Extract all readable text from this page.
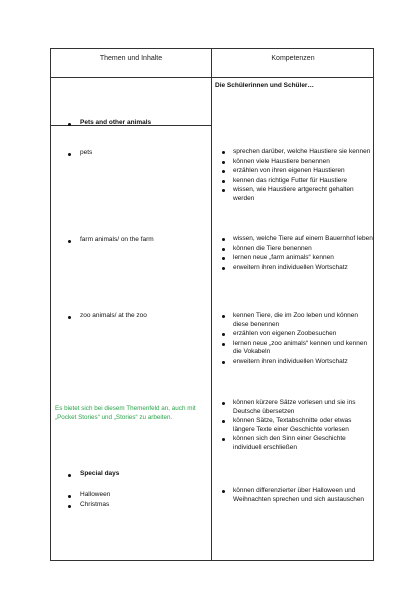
Themen und Inhalte	Kompetenzen
Die Schülerinnen und Schüler…
Pets and other animals
pets
farm animals/ on the farm
zoo animals/ at the zoo
Es bietet sich bei diesem Themenfeld an, auch mit „Pocket Stories“ und „Stories“ zu arbeiten.
Special days
Halloween
Christmas
sprechen darüber, welche Haustiere sie kennen
können viele Haustiere benennen
erzählen von ihren eigenen Haustieren
kennen das richtige Futter für Haustiere
wissen, wie Haustiere artgerecht gehalten werden
wissen, welche Tiere auf einem Bauernhof leben
können die Tiere benennen
lernen neue „farm animals“ kennen
erweitern ihren individuellen Wortschatz
kennen Tiere, die im Zoo leben und können diese benennen
erzählen von eigenen Zoobesuchen
lernen neue „zoo animals“ kennen und kennen die Vokabeln
erweitern ihren individuellen Wortschatz
können kürzere Sätze vorlesen und sie ins Deutsche übersetzen
können Sätze, Textabschnitte oder etwas längere Texte einer Geschichte vorlesen
können sich den Sinn einer Geschichte individuell erschließen
können differenzierter über Halloween und Weihnachten sprechen und sich austauschen
